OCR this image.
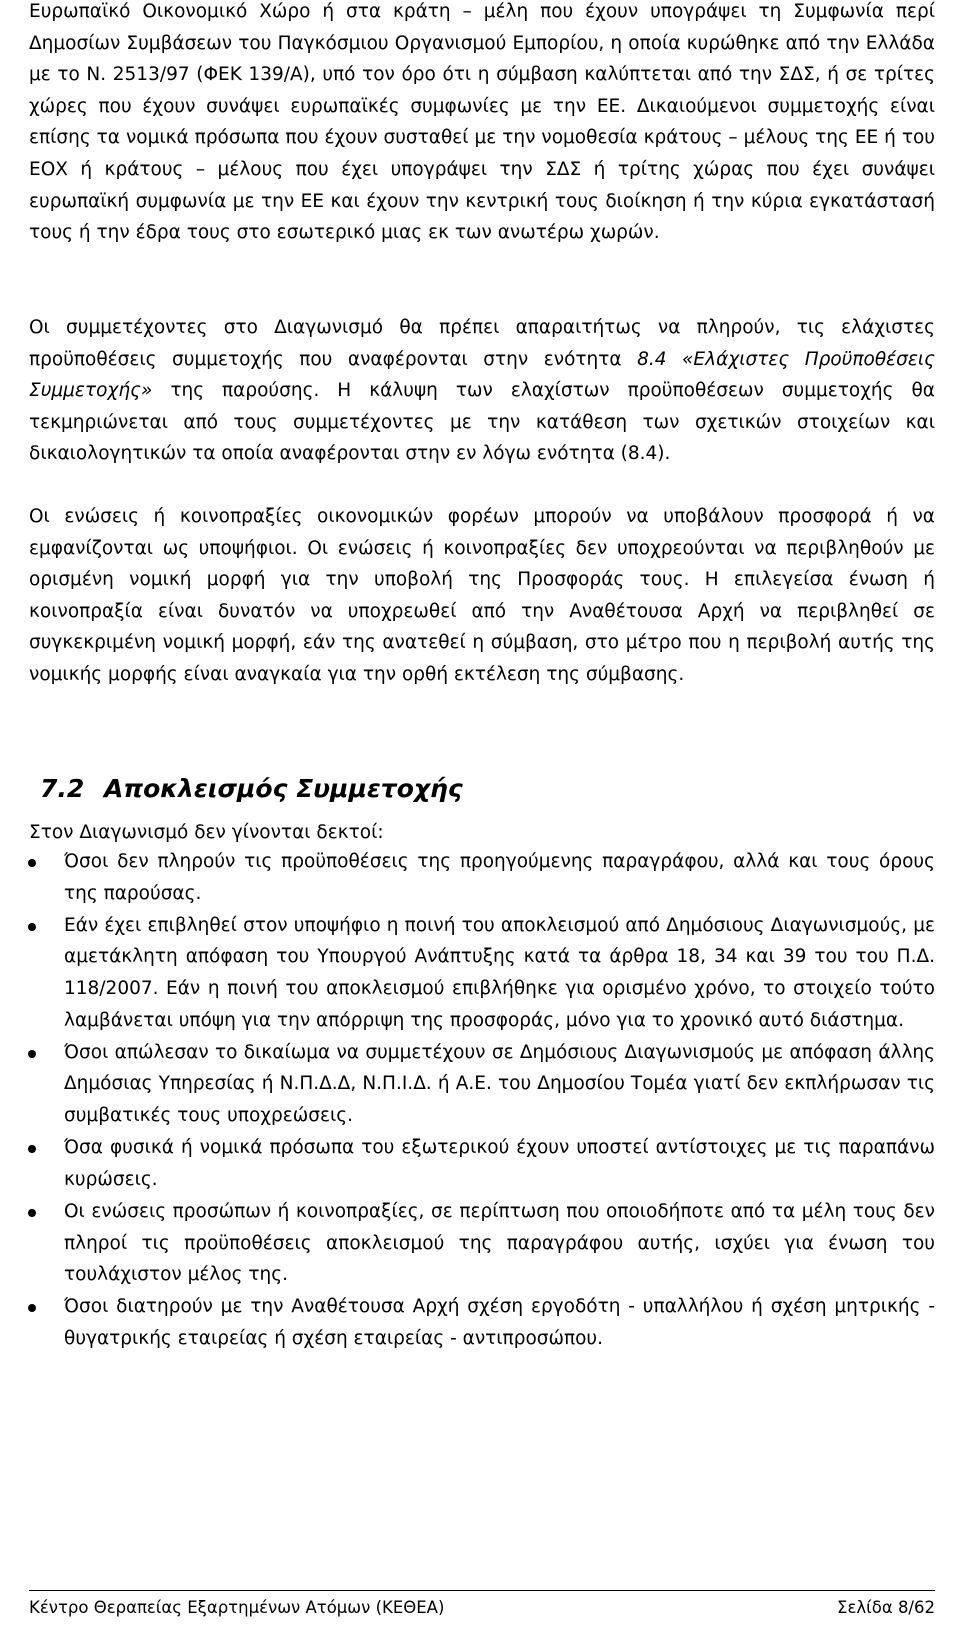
Ευρωπαϊκό Οικονομικό Χώρο ή στα κράτη – μέλη που έχουν υπογράψει τη Συμφωνία περί Δημοσίων Συμβάσεων του Παγκόσμιου Οργανισμού Εμπορίου, η οποία κυρώθηκε από την Ελλάδα με το Ν. 2513/97 (ΦΕΚ 139/Α), υπό τον όρο ότι η σύμβαση καλύπτεται από την ΣΔΣ, ή σε τρίτες χώρες που έχουν συνάψει ευρωπαϊκές συμφωνίες με την ΕΕ. Δικαιούμενοι συμμετοχής είναι επίσης τα νομικά πρόσωπα που έχουν συσταθεί με την νομοθεσία κράτους – μέλους της ΕΕ ή του ΕΟΧ ή κράτους – μέλους που έχει υπογράψει την ΣΔΣ ή τρίτης χώρας που έχει συνάψει ευρωπαϊκή συμφωνία με την ΕΕ και έχουν την κεντρική τους διοίκηση ή την κύρια εγκατάστασή τους ή την έδρα τους στο εσωτερικό μιας εκ των ανωτέρω χωρών.

Οι συμμετέχοντες στο Διαγωνισμό θα πρέπει απαραιτήτως να πληρούν, τις ελάχιστες προϋποθέσεις συμμετοχής που αναφέρονται στην ενότητα 8.4 «Ελάχιστες Προϋποθέσεις Συμμετοχής» της παρούσης. Η κάλυψη των ελαχίστων προϋποθέσεων συμμετοχής θα τεκμηριώνεται από τους συμμετέχοντες με την κατάθεση των σχετικών στοιχείων και δικαιολογητικών τα οποία αναφέρονται στην εν λόγω ενότητα (8.4).

Οι ενώσεις ή κοινοπραξίες οικονομικών φορέων μπορούν να υποβάλουν προσφορά ή να εμφανίζονται ως υποψήφιοι. Οι ενώσεις ή κοινοπραξίες δεν υποχρεούνται να περιβληθούν με ορισμένη νομική μορφή για την υποβολή της Προσφοράς τους. Η επιλεγείσα ένωση ή κοινοπραξία είναι δυνατόν να υποχρεωθεί από την Αναθέτουσα Αρχή να περιβληθεί σε συγκεκριμένη νομική μορφή, εάν της ανατεθεί η σύμβαση, στο μέτρο που η περιβολή αυτής της νομικής μορφής είναι αναγκαία για την ορθή εκτέλεση της σύμβασης.

7.2 Αποκλεισμός Συμμετοχής

Στον Διαγωνισμό δεν γίνονται δεκτοί:

Όσοι δεν πληρούν τις προϋποθέσεις της προηγούμενης παραγράφου, αλλά και τους όρους της παρούσας.
Εάν έχει επιβληθεί στον υποψήφιο η ποινή του αποκλεισμού από Δημόσιους Διαγωνισμούς, με αμετάκλητη απόφαση του Υπουργού Ανάπτυξης κατά τα άρθρα 18, 34 και 39 του του Π.Δ. 118/2007. Εάν η ποινή του αποκλεισμού επιβλήθηκε για ορισμένο χρόνο, το στοιχείο τούτο λαμβάνεται υπόψη για την απόρριψη της προσφοράς, μόνο για το χρονικό αυτό διάστημα.
Όσοι απώλεσαν το δικαίωμα να συμμετέχουν σε Δημόσιους Διαγωνισμούς με απόφαση άλλης Δημόσιας Υπηρεσίας ή Ν.Π.Δ.Δ, Ν.Π.Ι.Δ. ή Α.Ε. του Δημοσίου Τομέα γιατί δεν εκπλήρωσαν τις συμβατικές τους υποχρεώσεις.
Όσα φυσικά ή νομικά πρόσωπα του εξωτερικού έχουν υποστεί αντίστοιχες με τις παραπάνω κυρώσεις.
Οι ενώσεις προσώπων ή κοινοπραξίες, σε περίπτωση που οποιοδήποτε από τα μέλη τους δεν πληροί τις προϋποθέσεις αποκλεισμού της παραγράφου αυτής, ισχύει για ένωση του τουλάχιστον μέλος της.
Όσοι διατηρούν με την Αναθέτουσα Αρχή σχέση εργοδότη - υπαλλήλου ή σχέση μητρικής - θυγατρικής εταιρείας ή σχέση εταιρείας - αντιπροσώπου.
Κέντρο Θεραπείας Εξαρτημένων Ατόμων (ΚΕΘΕΑ)	Σελίδα 8/62
